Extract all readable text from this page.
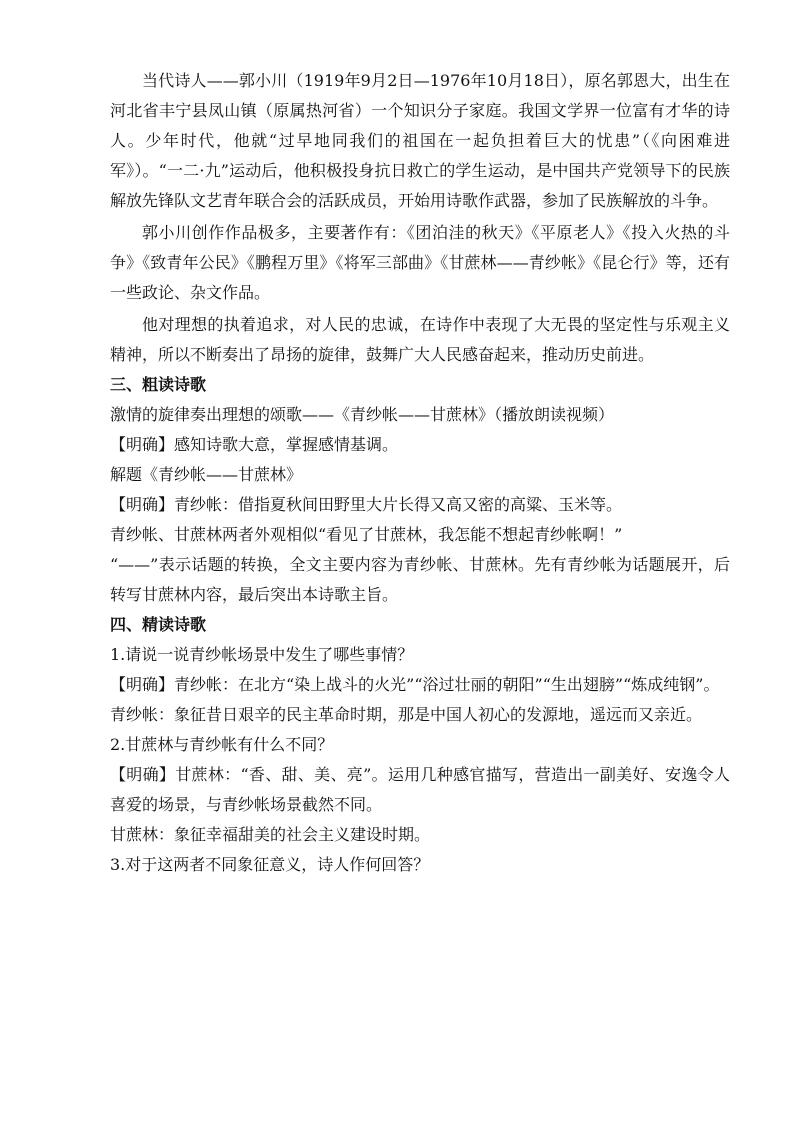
当代诗人——郭小川（1919年9月2日—1976年10月18日），原名郭恩大，出生在河北省丰宁县凤山镇（原属热河省）一个知识分子家庭。我国文学界一位富有才华的诗人。少年时代，他就“过早地同我们的祖国在一起负担着巨大的忧患”（《向困难进军》）。“一二·九”运动后，他积极投身抗日救亡的学生运动，是中国共产党领导下的民族解放先锋队文艺青年联合会的活跃成员，开始用诗歌作武器，参加了民族解放的斗争。

郭小川创作作品极多，主要著作有：《团泊洼的秋天》《平原老人》《投入火热的斗争》《致青年公民》《鹏程万里》《将军三部曲》《甘蔗林——青纱帐》《昆仑行》等，还有一些政论、杂文作品。

他对理想的执着追求，对人民的忠诚，在诗作中表现了大无畏的坚定性与乐观主义精神，所以不断奏出了昂扬的旋律，鼓舞广大人民感奋起来，推动历史前进。

三、粗读诗歌

激情的旋律奏出理想的颂歌——《青纱帐——甘蔗林》（播放朗读视频）

【明确】感知诗歌大意，掌握感情基调。

解题《青纱帐——甘蔗林》

【明确】青纱帐：借指夏秋间田野里大片长得又高又密的高粱、玉米等。

青纱帐、甘蔗林两者外观相似“看见了甘蔗林，我怎能不想起青纱帐啊！”

“——”表示话题的转换，全文主要内容为青纱帐、甘蔗林。先有青纱帐为话题展开，后转写甘蔗林内容，最后突出本诗歌主旨。

四、精读诗歌

1.请说一说青纱帐场景中发生了哪些事情？

【明确】青纱帐：在北方“染上战斗的火光”“浴过壮丽的朝阳”“生出翅膀”“炼成纯钢”。

青纱帐：象征昔日艰辛的民主革命时期，那是中国人初心的发源地，遥远而又亲近。

2.甘蔗林与青纱帐有什么不同？

【明确】甘蔗林：“香、甜、美、亮”。运用几种感官描写，营造出一副美好、安逸令人喜爱的场景，与青纱帐场景截然不同。

甘蔗林：象征幸福甜美的社会主义建设时期。

3.对于这两者不同象征意义，诗人作何回答？
